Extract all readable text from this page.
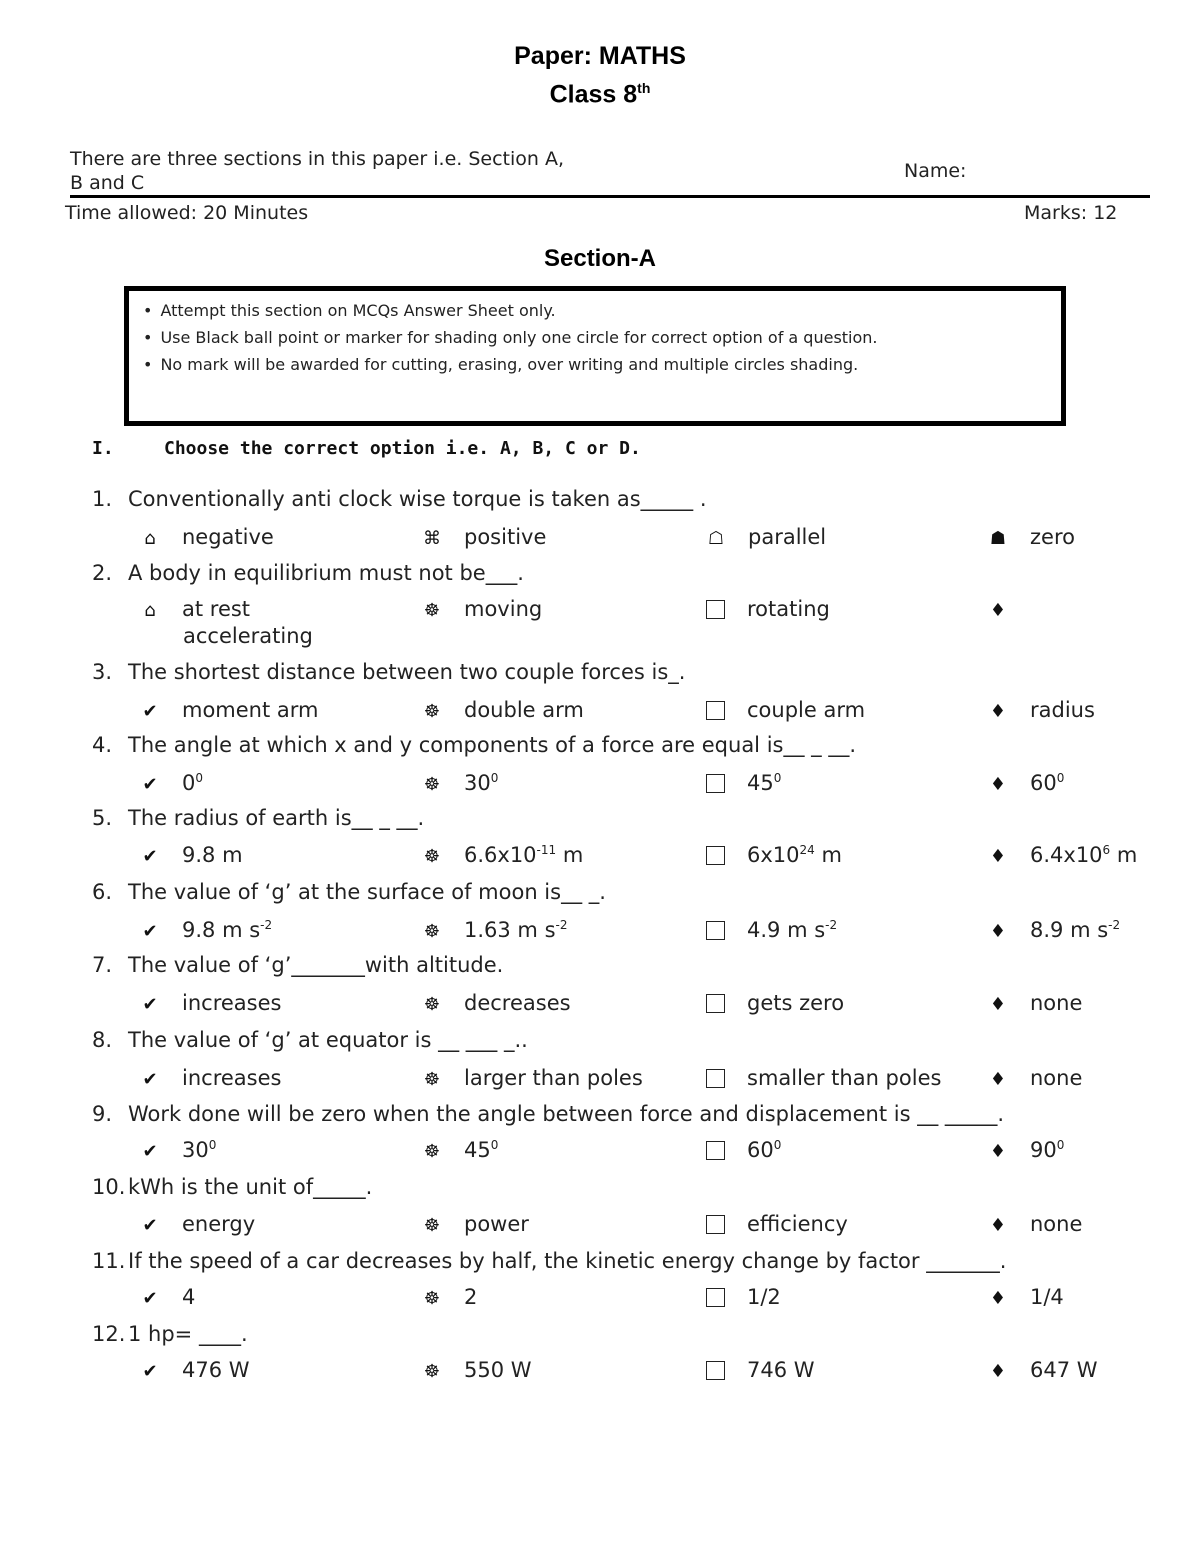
Paper: MATHS
Class 8th
There are three sections in this paper i.e. Section A,
B and C
Name:
Time allowed: 20 Minutes	Marks: 12
Section-A
• Attempt this section on MCQs Answer Sheet only.
• Use Black ball point or marker for shading only one circle for correct option of a question.
• No mark will be awarded for cutting, erasing, over writing and multiple circles shading.
I.	Choose the correct option i.e. A, B, C or D.
1. Conventionally anti clock wise torque is taken as_____ .
⌂ negative	⌘ positive	☖ parallel	☗ zero
2. A body in equilibrium must not be___.
⌂ at rest	☸ moving	rotating
accelerating
♦
3. The shortest distance between two couple forces is_.
✔ moment arm	☸ double arm	couple arm	♦ radius
4. The angle at which x and y components of a force are equal is__ _ __.
✔ $0^0$	☸ $30^0$	$45^0$	♦ $60^0$
5. The radius of earth is__ _ __.
✔ 9.8 m	☸ $6.6x10^{-11}$ m	$6x10^{24}$ m	♦ $6.4x10^6$ m
6. The value of ‘g’ at the surface of moon is__ _.
✔ 9.8 m $s^{-2}$	☸ 1.63 m $s^{-2}$	4.9 m $s^{-2}$	♦ 8.9 m $s^{-2}$
7. The value of ‘g’_______with altitude.
✔ increases	☸ decreases	gets zero	♦ none
8. The value of ‘g’ at equator is __ ___ _..
✔ increases	☸ larger than poles	smaller than poles	♦ none
9. Work done will be zero when the angle between force and displacement is __ _____.
✔ $30^0$	☸ $45^0$	$60^0$	♦ $90^0$
10. kWh is the unit of_____.
✔ energy	☸ power	efficiency	♦ none
11. If the speed of a car decreases by half, the kinetic energy change by factor _______.
✔ 4	☸ 2	1/2	♦ 1/4
12. 1 hp= ____.
✔ 476 W	☸ 550 W	746 W	♦ 647 W
